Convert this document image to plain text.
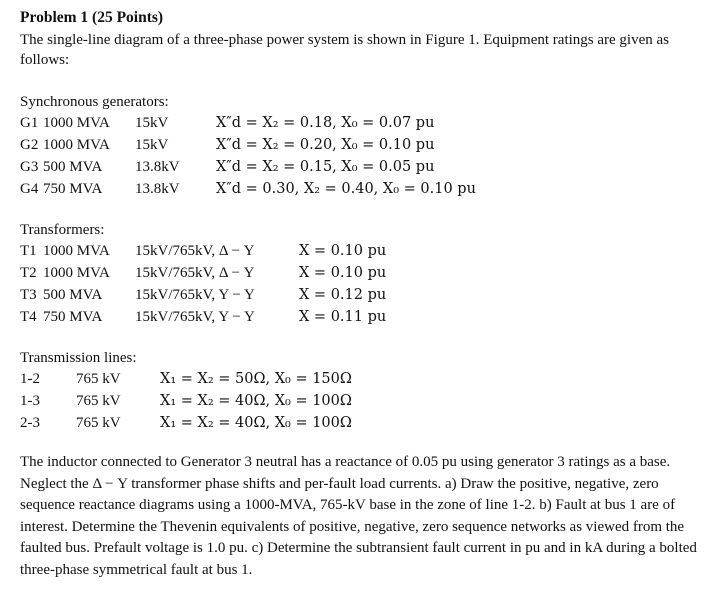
Problem 1 (25 Points)
The single-line diagram of a three-phase power system is shown in Figure 1. Equipment ratings are given as follows:
Synchronous generators:
G1 1000 MVA 15kV	X″d = X₂ = 0.18, X₀ = 0.07 pu
G2 1000 MVA 15kV	X″d = X₂ = 0.20, X₀ = 0.10 pu
G3 500 MVA 13.8kV	X″d = X₂ = 0.15, X₀ = 0.05 pu
G4 750 MVA 13.8kV	X″d = 0.30, X₂ = 0.40, X₀ = 0.10 pu
Transformers:
T1 1000 MVA 15kV/765kV, Δ − Y	X = 0.10 pu
T2 1000 MVA 15kV/765kV, Δ − Y	X = 0.10 pu
T3 500 MVA 15kV/765kV, Y − Y	X = 0.12 pu
T4 750 MVA 15kV/765kV, Y − Y	X = 0.11 pu
Transmission lines:
1-2 765 kV	X₁ = X₂ = 50Ω, X₀ = 150Ω
1-3 765 kV	X₁ = X₂ = 40Ω, X₀ = 100Ω
2-3 765 kV	X₁ = X₂ = 40Ω, X₀ = 100Ω
The inductor connected to Generator 3 neutral has a reactance of 0.05 pu using generator 3 ratings as a base. Neglect the Δ − Y transformer phase shifts and per-fault load currents. a) Draw the positive, negative, zero sequence reactance diagrams using a 1000-MVA, 765-kV base in the zone of line 1-2. b) Fault at bus 1 are of interest. Determine the Thevenin equivalents of positive, negative, zero sequence networks as viewed from the faulted bus. Prefault voltage is 1.0 pu. c) Determine the subtransient fault current in pu and in kA during a bolted three-phase symmetrical fault at bus 1.
